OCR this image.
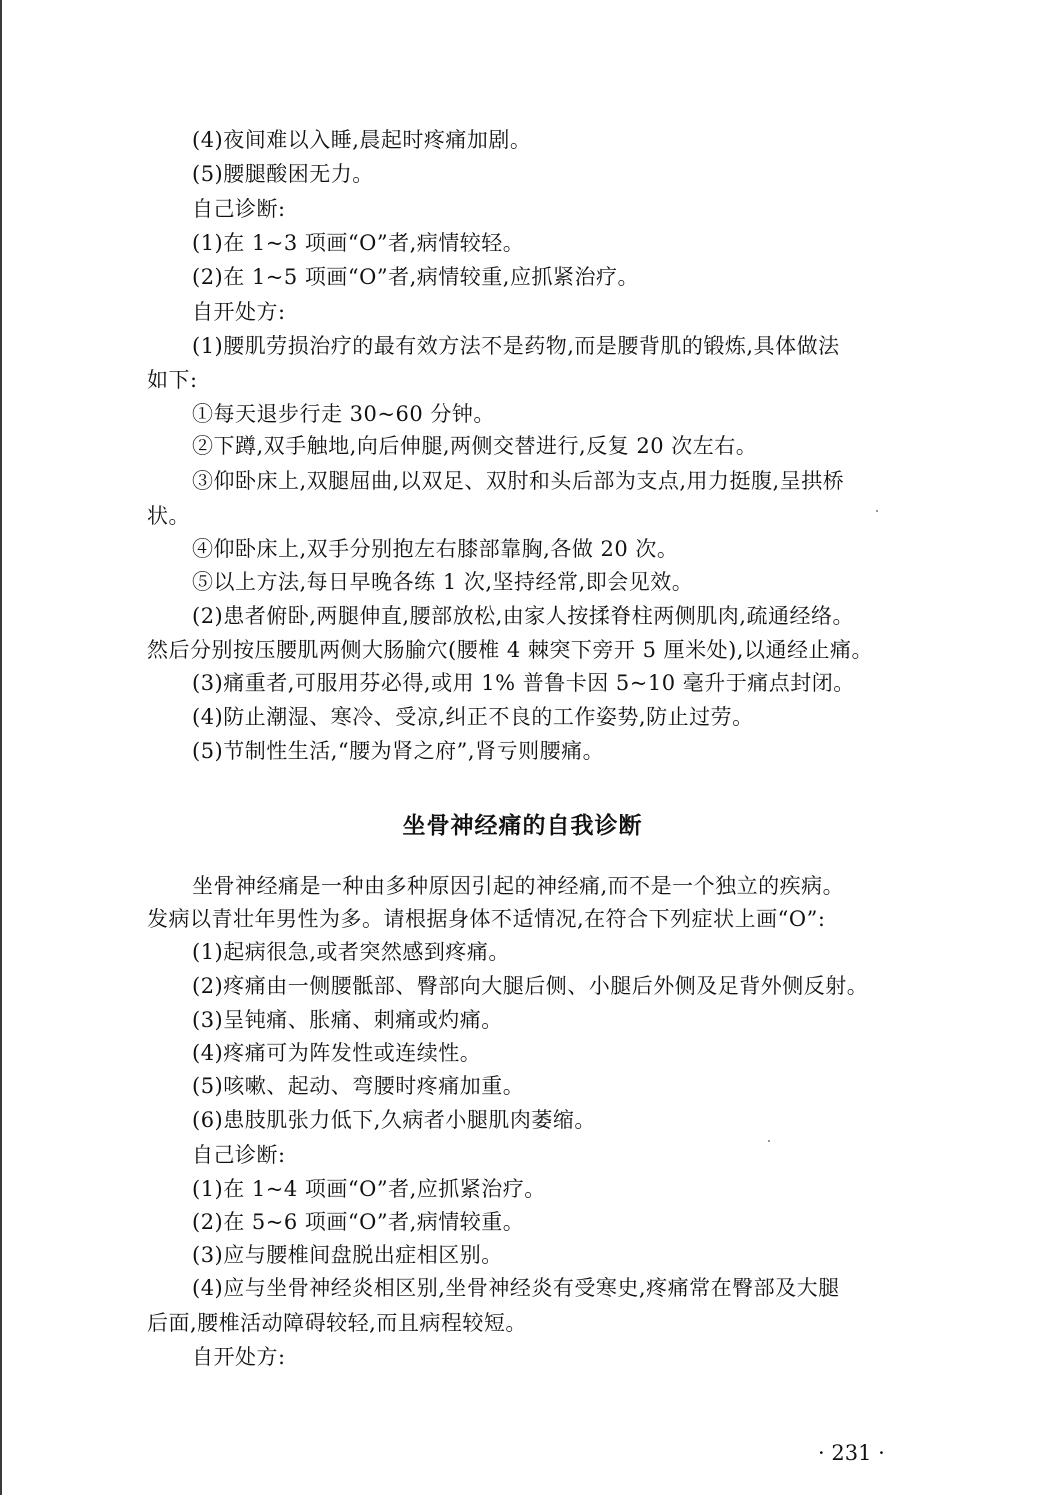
(4)夜间难以入睡,晨起时疼痛加剧。
(5)腰腿酸困无力。
自己诊断:
(1)在 1~3 项画“O”者,病情较轻。
(2)在 1~5 项画“O”者,病情较重,应抓紧治疗。
自开处方:
(1)腰肌劳损治疗的最有效方法不是药物,而是腰背肌的锻炼,具体做法
如下:
①每天退步行走 30~60 分钟。
②下蹲,双手触地,向后伸腿,两侧交替进行,反复 20 次左右。
③仰卧床上,双腿屈曲,以双足、双肘和头后部为支点,用力挺腹,呈拱桥
状。
④仰卧床上,双手分别抱左右膝部靠胸,各做 20 次。
⑤以上方法,每日早晚各练 1 次,坚持经常,即会见效。
(2)患者俯卧,两腿伸直,腰部放松,由家人按揉脊柱两侧肌肉,疏通经络。
然后分别按压腰肌两侧大肠腧穴(腰椎 4 棘突下旁开 5 厘米处),以通经止痛。
(3)痛重者,可服用芬必得,或用 1% 普鲁卡因 5~10 毫升于痛点封闭。
(4)防止潮湿、寒冷、受凉,纠正不良的工作姿势,防止过劳。
(5)节制性生活,“腰为肾之府”,肾亏则腰痛。
坐骨神经痛的自我诊断
坐骨神经痛是一种由多种原因引起的神经痛,而不是一个独立的疾病。
发病以青壮年男性为多。请根据身体不适情况,在符合下列症状上画“O”:
(1)起病很急,或者突然感到疼痛。
(2)疼痛由一侧腰骶部、臀部向大腿后侧、小腿后外侧及足背外侧反射。
(3)呈钝痛、胀痛、刺痛或灼痛。
(4)疼痛可为阵发性或连续性。
(5)咳嗽、起动、弯腰时疼痛加重。
(6)患肢肌张力低下,久病者小腿肌肉萎缩。
自己诊断:
(1)在 1~4 项画“O”者,应抓紧治疗。
(2)在 5~6 项画“O”者,病情较重。
(3)应与腰椎间盘脱出症相区别。
(4)应与坐骨神经炎相区别,坐骨神经炎有受寒史,疼痛常在臀部及大腿
后面,腰椎活动障碍较轻,而且病程较短。
自开处方:
· 231 ·
